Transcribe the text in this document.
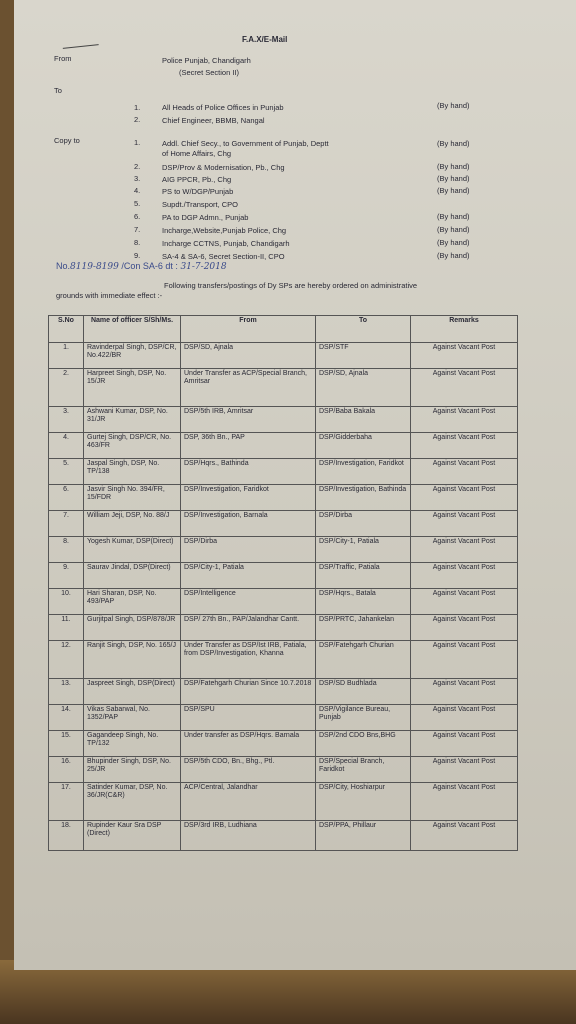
F.A.X/E-Mail
From	Police Punjab, Chandigarh
(Secret Section II)
To
1.	All Heads of Police Offices in Punjab	(By hand)
2.	Chief Engineer, BBMB, Nangal
Copy to	1.	Addl. Chief Secy., to Government of Punjab, Deptt
of Home Affairs, Chg
(By hand)
2.	DSP/Prov & Modernisation, Pb., Chg	(By hand)
3.	AIG PPCR, Pb., Chg	(By hand)
4.	PS to W/DGP/Punjab	(By hand)
5.	Supdt./Transport, CPO
6.	PA to DGP Admn., Punjab	(By hand)
7.	Incharge,Website,Punjab Police, Chg	(By hand)
8.	Incharge CCTNS, Punjab, Chandigarh	(By hand)
9.	SA-4 & SA-6, Secret Section-II, CPO	(By hand)
No.8119-8199 /Con SA-6 dt : 31-7-2018
Following transfers/postings of Dy SPs are hereby ordered on administrative
grounds with immediate effect :-
S.No	Name of officer S/Sh/Ms.	From	To	Remarks
1.	Ravinderpal Singh, DSP/CR, No.422/BR	DSP/SD, Ajnala	DSP/STF	Against Vacant Post
2.	Harpreet Singh, DSP, No. 15/JR	Under Transfer as ACP/Special Branch, Amritsar	DSP/SD, Ajnala	Against Vacant Post
3.	Ashwani Kumar, DSP, No. 31/JR	DSP/5th IRB, Amritsar	DSP/Baba Bakala	Against Vacant Post
4.	Gurtej Singh, DSP/CR, No. 463/FR	DSP, 36th Bn., PAP	DSP/Gidderbaha	Against Vacant Post
5.	Jaspal Singh, DSP, No. TP/138	DSP/Hqrs., Bathinda	DSP/Investigation, Faridkot	Against Vacant Post
6.	Jasvir Singh No. 394/FR, 15/FDR	DSP/Investigation, Faridkot	DSP/Investigation, Bathinda	Against Vacant Post
7.	William Jeji, DSP, No. 88/J	DSP/Investigation, Barnala	DSP/Dirba	Against Vacant Post
8.	Yogesh Kumar, DSP(Direct)	DSP/Dirba	DSP/City-1, Patiala	Against Vacant Post
9.	Saurav Jindal, DSP(Direct)	DSP/City-1, Patiala	DSP/Traffic, Patiala	Against Vacant Post
10.	Hari Sharan, DSP, No. 493/PAP	DSP/Intelligence	DSP/Hqrs., Batala	Against Vacant Post
11.	Gurjitpal Singh, DSP/878/JR	DSP/ 27th Bn., PAP/Jalandhar Cantt.	DSP/PRTC, Jahankelan	Against Vacant Post
12.	Ranjit Singh, DSP, No. 165/J	Under Transfer as DSP/Ist IRB, Patiala, from DSP/Investigation, Khanna	DSP/Fatehgarh Churian	Against Vacant Post
13.	Jaspreet Singh, DSP(Direct)	DSP/Fatehgarh Churian Since 10.7.2018	DSP/SD Budhlada	Against Vacant Post
14.	Vikas Sabarwal, No. 1352/PAP	DSP/SPU	DSP/Vigilance Bureau, Punjab	Against Vacant Post
15.	Gagandeep Singh, No. TP/132	Under transfer as DSP/Hqrs. Barnala	DSP/2nd CDO Bns,BHG	Against Vacant Post
16.	Bhupinder Singh, DSP, No. 25/JR	DSP/5th CDO, Bn., Bhg., Ptl.	DSP/Special Branch, Faridkot	Against Vacant Post
17.	Satinder Kumar, DSP, No. 36/JR(C&R)	ACP/Central, Jalandhar	DSP/City, Hoshiarpur	Against Vacant Post
18.	Rupinder Kaur Sra DSP (Direct)	DSP/3rd IRB, Ludhiana	DSP/PPA, Phillaur	Against Vacant Post
